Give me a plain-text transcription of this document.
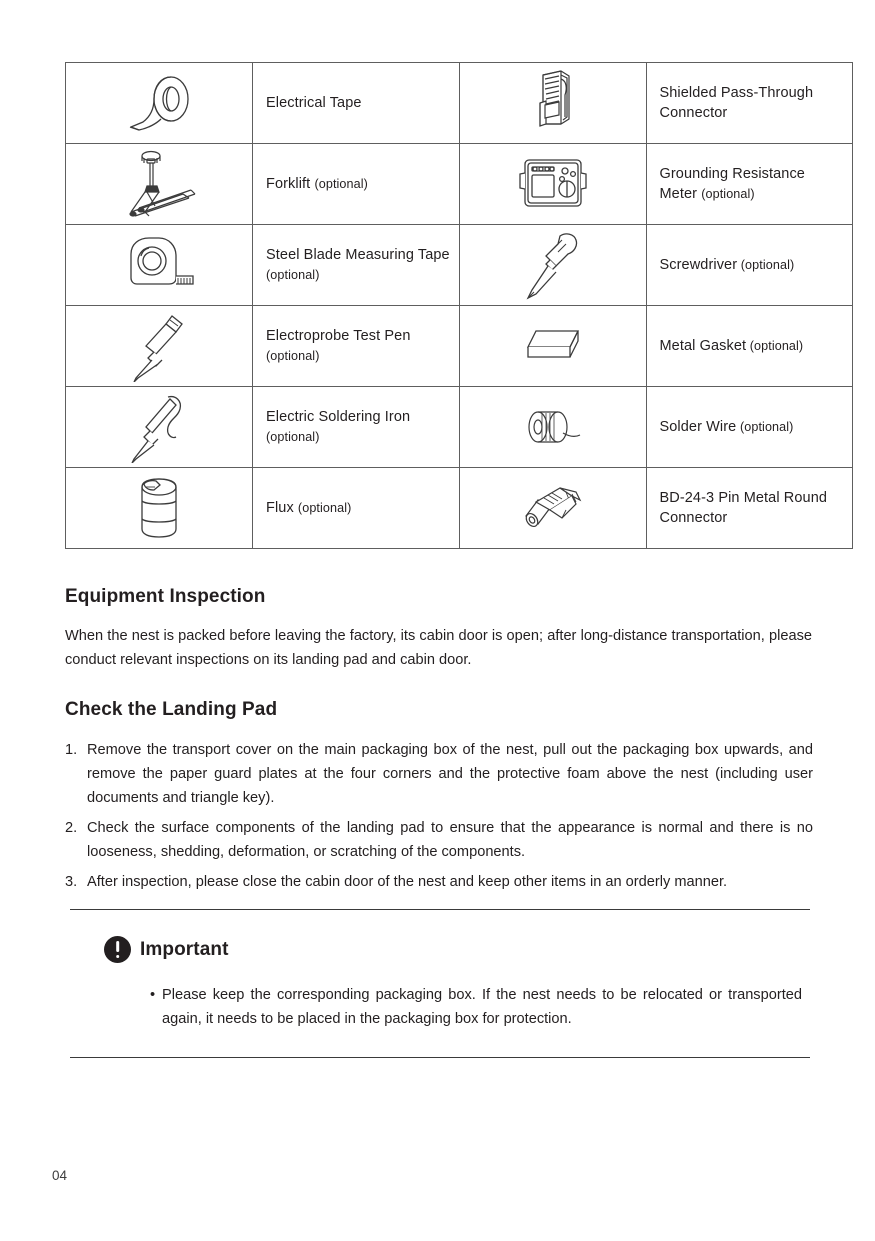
Electrical Tape		Shielded Pass-Through Connector

Forklift (optional)		Grounding Resistance Meter (optional)

Steel Blade Measuring Tape (optional)		Screwdriver (optional)

Electroprobe Test Pen (optional)		Metal Gasket (optional)

Electric Soldering Iron (optional)		Solder Wire (optional)

Flux (optional)		BD-24-3 Pin Metal Round Connector
Equipment Inspection
When the nest is packed before leaving the factory, its cabin door is open; after long-distance transportation, please conduct relevant inspections on its landing pad and cabin door.
Check the Landing Pad
1. Remove the transport cover on the main packaging box of the nest, pull out the packaging box upwards, and remove the paper guard plates at the four corners and the protective foam above the nest (including user documents and triangle key).
2. Check the surface components of the landing pad to ensure that the appearance is normal and there is no looseness, shedding, deformation, or scratching of the components.
3. After inspection, please close the cabin door of the nest and keep other items in an orderly manner.
Important
• Please keep the corresponding packaging box. If the nest needs to be relocated or transported again, it needs to be placed in the packaging box for protection.
04
